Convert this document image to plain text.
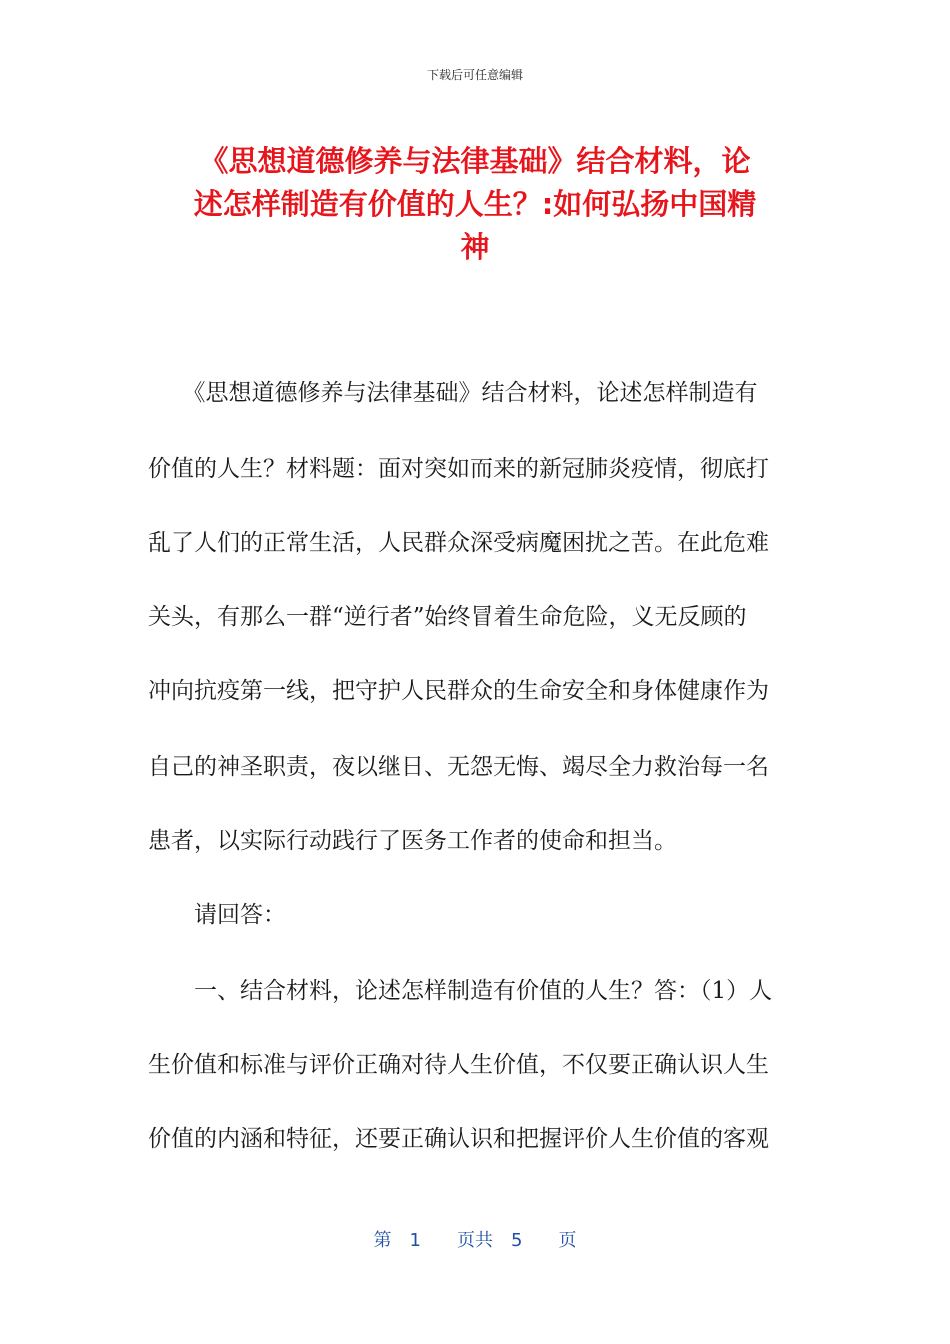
下载后可任意编辑
《思想道德修养与法律基础》结合材料，论
述怎样制造有价值的人生？:如何弘扬中国精
神
　　《思想道德修养与法律基础》结合材料，论述怎样制造有
价值的人生？材料题：面对突如而来的新冠肺炎疫情，彻底打
乱了人们的正常生活，人民群众深受病魔困扰之苦。在此危难
关头，有那么一群“逆行者”始终冒着生命危险，义无反顾的
冲向抗疫第一线，把守护人民群众的生命安全和身体健康作为
自己的神圣职责，夜以继日、无怨无悔、竭尽全力救治每一名
患者，以实际行动践行了医务工作者的使命和担当。
　　请回答：
　　一、结合材料，论述怎样制造有价值的人生？答：（1）人
生价值和标准与评价正确对待人生价值，不仅要正确认识人生
价值的内涵和特征，还要正确认识和把握评价人生价值的客观
第　1　　页共　5　　页
